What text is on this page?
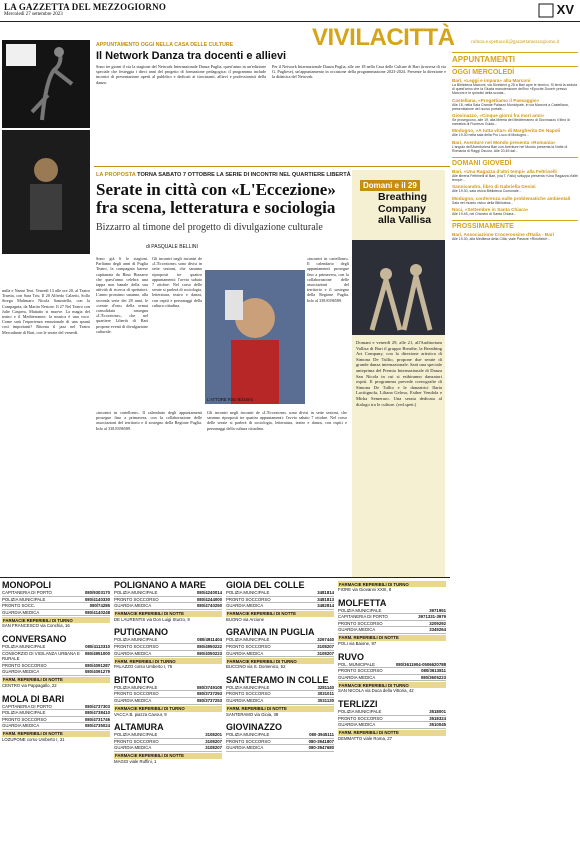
LA GAZZETTA DEL MEZZOGIORNO
Mercoledì 27 settembre 2023	XV
VIVILACITTÀ
APPUNTAMENTO OGGI NELLA CASA DELLE CULTURE
Il Network Danza tra docenti e allievi
Sono tre giorni il via la stagione del Network Internazionale Danza Puglia, quest'anno in un'edizione speciale che festeggia i dieci anni del progetto di formazione pedagogica: il programma include incontri di presentazione aperti al pubblico e dedicati ai tirocinanti, allievi e professionisti della danza.
Per il Network Internazionale Danza Puglia, alle ore 18 nella Casa delle Culture di Bari (traversa di via G. Pugliese), un'appuntamento in occasione della programmazione 2023-2024. Presente la direzione e la didattica del Network.
nulla e Nanni Teot. Venerdì 13 alle ore 20, al Teatro Traetta, con Sara Tris; Il 20 Alfredo Calzetti, Sollo Strega Malimaro Nicola Sanzatella, con la Compagnia, da Marita Nestore. Il 27 Nel Teatro con Julie Caspera, Mattatto si muove. La magia del teatro e il Mediterraneo: la musica è una voce. Come sarà l'esperienza emozionale di una spunti così importanti? Ritorna il jazz nel Teatro Mercadante di Bari, con le serate del venerdì.
LA PROPOSTA TORNA SABATO 7 OTTOBRE LA SERIE DI INCONTRI NEL QUARTIERE LIBERTÀ
Serate in città con «L'Eccezione» fra scena, letteratura e sociologia
Bizzarro al timone del progetto di divulgazione culturale
di PASQUALE BELLINI
Sono già 6 le stagioni. Parliamo degli anni di Puglia Teatro, la compagnia barese capitanata da Rino Bizzarro che quest'anno celebra una tappa non banale della sua attività di ricerca di spettatori. L'anno prossimo saranno, alla seconda serie dei 28 anni, le «serate d'oro» della ormai consolidata rassegna «L'Eccezione», che nel quartiere Libertà di Bari propone eventi di divulgazione culturale.
Gli incontri negli incontri de «L'Eccezione» sono divisi in sette sezioni, che saranno riproposti tre quattro appuntamenti: l'avvio sabato 7 ottobre. Nel corso delle serate si parlerà di sociologia, letteratura, teatro e danza, con ospiti e personaggi della cultura cittadina.
«incontri in cartellone». Il calendario degli appuntamenti prosegue fino a primavera, con la collaborazione delle associazioni del territorio e il sostegno della Regione Puglia. Info al 338.8396589.
Gli incontri negli incontri de «L'Eccezione» sono divisi in sette sezioni, che saranno riproposti tre quattro appuntamenti: l'avvio sabato 7 ottobre. Nel corso delle serate si parlerà di sociologia, letteratura, teatro e danza, con ospiti e personaggi della cultura cittadina.
«incontri in cartellone». Il calendario degli appuntamenti prosegue fino a primavera, con la collaborazione delle associazioni del territorio e il sostegno della Regione Puglia. Info al 338.8396589.
L'ATTORE Rino Bizzarro
Domani e il 29
Breathing Company alla Vallisa
Domani e venerdì 29, alle 21, all'Auditorium Vallisa di Bari il gruppo Breathe, la Breathing Art Company, con la direzione artistica di Simona De Tullio, propone due serate di grande danza internazionale. Sarà una speciale anteprima del Premio Internazionale di Danza San Nicola in cui si esibiranno danzatori ospiti. Il programma prevede coreografie di Simona De Tullio e le danzatrici Ilaria Lacitignola, Liliana Geloso, Esther Vendola e Mirka Semeraro. Una serata dedicata al dialogo tra le culture. (red.spett.)
cultura.e.spettacoli@gazzettamezzogiorno.it
APPUNTAMENTI
OGGI MERCOLEDÌ
Bari, «Leggi e impara» alla Marconi
La Biblioteca Marconi, via Sivestrini g 25 a Bari apre le tecnico. Si terrà la seduta di quest'anno che la Giusta manutenzione dell'Inc «Epoche Dosei» presso Marconi e le quindici della scuola...
Castellana, «Progettiamo il Paesaggio»
Alle 18, nella Sala Grande Palazzo Municipale, in via Marconi a Castellana, presentazione del nuovo portale...
Giovinazzo, «Cinque giorni fra mori anni»
Se proseguono, alle 19, alla libreria del Mediterraneo di Giovinazzo il libro di narrativa di Fiorenzo Guido...
Modugno, «A tutta vita!» di Margherita De Napoli
Alle 19.30 nella sala della Pro Loco di Modugno...
Bari, Aventure nel Mondo presenta «Romania»
L'angolo dell'Aventurierà Bari con Aventure nel Mondo presenta la Notte di Romania di Raggi Oscuro, Alle 20.45 dal...
DOMANI GIOVEDÌ
Bari, «Una Ragazza d'altri tempi» alla Feltrinelli
Alle libreria Feltrinelli di Bari, (via T. Fallo) sviluppa presenta «Una Ragazza d'altri tempi»...
Sannicandro, libro di Gabriella Genisi
Alle 19.30, sala civica Biblioteca Comunale...
Modugno, conferenza sulle problematiche ambientali
Sala nel museo civico della Biblioteca...
Noci, «Settembre in Santa Chiara»
Alle 19.45, nel Chiostro di Santa Chiara...
PROSSIMAMENTE
Bari, Associazione Crocerossine d'Italia - Bari
Alle 19.30, alla Mediteca della Città, viale Pastore «Rinofield»...
MONOPOLI
CAPITANERIA DI PORTO	080/9303170
POLIZIA MUNICIPALE	080/4140330
PRONTO SOCC.	080/74285
GUARDIA MEDICA	080/4140248
FARMACIE REPERIBILI DI TURNO
SAN FRANCESCO via Conchia, 16
CONVERSANO
POLIZIA MUNICIPALE	080/4113310
CONSORZIO DI VIGILANZA URBANA E RURALE
080/4951000
PRONTO SOCCORSO	080/4091287
GUARDIA MEDICA	080/4091279
FARM. REPERIBILI DI NOTTE
CENTRO via Pappagallo, 22
MOLA DI BARI
CAPITANERIA DI PORTO	080/4737303
POLIZIA MUNICIPALE	080/4738410
PRONTO SOCCORSO	080/4731746
GUARDIA MEDICA	080/4735024
FARM. REPERIBILI DI NOTTE
LOZUPONE corso Umberto I, 31
POLIGNANO A MARE
POLIZIA MUNICIPALE	080/4240014
PRONTO SOCCORSO	080/4244000
GUARDIA MEDICA	080/4740250
FARMACIE REPERIBILI DI NOTTE
DE LAURENTIS via Don Luigi Sturzo, 9
PUTIGNANO
POLIZIA MUNICIPALE	080/4911404
PRONTO SOCCORSO	080/4950222
GUARDIA MEDICA	080/4050223
FARM. REPERIBILI DI TURNO
PALAZZO corso Umberto I, 76
BITONTO
POLIZIA MUNICIPALE	080/3749108
PRONTO SOCCORSO	080/3737293
GUARDIA MEDICA	080/3737253
FARMACIE REPERIBILI DI TURNO
VACCA B. piazza Cavour, 9
ALTAMURA
POLIZIA MUNICIPALE	3108201
PRONTO SOCCORSO	3108207
GUARDIA MEDICA	3108207
FARMACIE REPERIBILI DI NOTTE
MAGGI viale Ruffini, 1
GIOIA DEL COLLE
POLIZIA MUNICIPALE	3481814
PRONTO SOCCORSO	3481813
GUARDIA MEDICA	3482814
FARMACIE REPERIBILI DI NOTTE
BUONO via Arcione
GRAVINA IN PUGLIA
POLIZIA MUNICIPALE	3267440
PRONTO SOCCORSO	3108207
GUARDIA MEDICA	3108207
FARMACIE REPERIBILI DI TURNO
BUCCINO via S. Domenico, 52
SANTERAMO IN COLLE
POLIZIA MUNICIPALE	3281140
PRONTO SOCCORSO	3031011
GUARDIA MEDICA	3031130
FARM. REPERIBILI DI NOTTE
SANTERAMO via Gioia, 38
GIOVINAZZO
POLIZIA MUNICIPALE	080-3945111
PRONTO SOCCORSO	080-3941807
GUARDIA MEDICA	080-3947680
FARMACIE REPERIBILI DI TURNO
FIORE via Giovanni XXIII, 8
MOLFETTA
POLIZIA MUNICIPALE	3971951
CAPITANERIA DI PORTO	3971331-3979
PRONTO SOCCORSO	3209292
GUARDIA MEDICA	3349264
FARM. REPERIBILI DI NOTTE
POLI via Baione, 87
RUVO
POL. MUNICIPALE	080/3611904-0506620788
PRONTO SOCCORSO	080/3613811
GUARDIA MEDICA	080/3605223
FARMACIE REPERIBILI DI TURNO
SAN NICOLA via Duca della Vittoria, 42
TERLIZZI
POLIZIA MUNICIPALE	3518001
PRONTO SOCCORSO	3518324
GUARDIA MEDICA	3510045
FARM. REPERIBILI DI NOTTE
DEMMATTO viale Roma, 27
